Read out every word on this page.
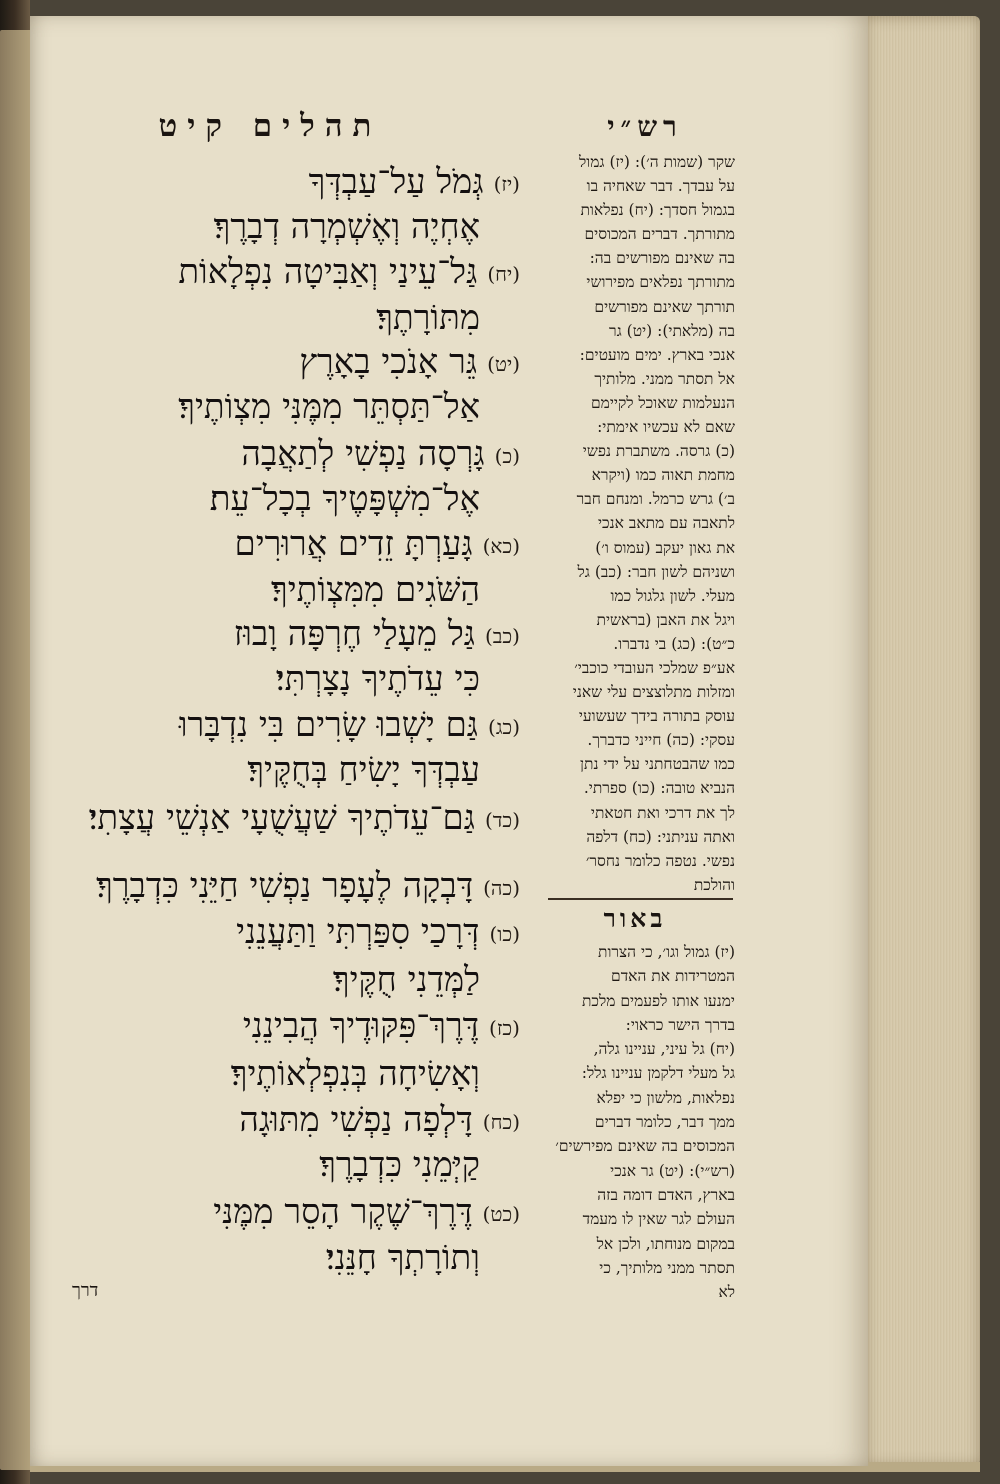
תהלים קיט	רש״י
(יז)גְּמֹל עַל־עַבְדְּךָ
אֶחְיֶה וְאֶשְׁמְרָה דְבָרֶךָ׃
(יח)גַּל־עֵינַי וְאַבִּיטָה נִפְלָאוֹת
מִתּוֹרָתֶךָ׃
(יט)גֵּר אָנֹכִי בָאָרֶץ
אַל־תַּסְתֵּר מִמֶּנִּי מִצְוֹתֶיךָ׃
(כ)גָּרְסָה נַפְשִׁי לְתַאֲבָה
אֶל־מִשְׁפָּטֶיךָ בְכָל־עֵת׃
(כא)גָּעַרְתָּ זֵדִים אֲרוּרִים
הַשֹּׁגִים מִמִּצְוֹתֶיךָ׃
(כב)גַּל מֵעָלַי חֶרְפָּה וָבוּז
כִּי עֵדֹתֶיךָ נָצָרְתִּי׃
(כג)גַּם יָשְׁבוּ שָׂרִים בִּי נִדְבָּרוּ
עַבְדְּךָ יָשִׂיחַ בְּחֻקֶּיךָ׃
(כד)גַּם־עֵדֹתֶיךָ שַׁעֲשֻׁעָי אַנְשֵׁי עֲצָתִי׃
(כה)דָּבְקָה לֶעָפָר נַפְשִׁי חַיֵּנִי כִּדְבָרֶךָ׃
(כו)דְּרָכַי סִפַּרְתִּי וַתַּעֲנֵנִי
לַמְּדֵנִי חֻקֶּיךָ׃
(כז)דֶּרֶךְ־פִּקּוּדֶיךָ הֲבִינֵנִי
וְאָשִׂיחָה בְּנִפְלְאוֹתֶיךָ׃
(כח)דָּלְפָה נַפְשִׁי מִתּוּגָה
קַיְּמֵנִי כִּדְבָרֶךָ׃
(כט)דֶּרֶךְ־שֶׁקֶר הָסֵר מִמֶּנִּי
וְתוֹרָתְךָ חָנֵּנִי׃
שקר (שמות ה׳): (יז) גמול
על עבדך. דבר שאחיה בו
בגמול חסדך: (יח) נפלאות
מתורתך. דברים המכוסים
בה שאינם מפורשים בה:
מתורתך נפלאים מפירושי
תורתך שאינם מפורשים
בה (מלאתי): (יט) גר
אנכי בארץ. ימים מועטים:
אל תסתר ממני. מלותיך
הנעלמות שאוכל לקיימם
שאם לא עכשיו אימתי:
(כ) גרסה. משתברת נפשי
מחמת תאוה כמו (ויקרא
ב׳) גרש כרמל. ומנחם חבר
לתאבה עם מתאב אנכי
את גאון יעקב (עמוס ו׳)
ושניהם לשון חבר: (כב) גל
מעלי. לשון גלגול כמו
ויגל את האבן (בראשית
כ״ט): (כג) בי נדברו.
אע״פ שמלכי העובדי כוכבי׳
ומזלות מתלוצצים עלי שאני
עוסק בתורה בידך שעשועי
עסקי: (כה) חייני כדברך.
כמו שהבטחתני על ידי נתן
הנביא טובה: (כו) ספרתי.
לך את דרכי ואת חטאתי
ואתה עניתני: (כח) דלפה
נפשי. נטפה כלומר נחסר׳
והולכת
באור
(יז) גמול וגו׳, כי הצרות
המטרידות את האדם
ימנעו אותו לפעמים מלכת
בדרך הישר כראוי:
(יח) גל עיני, עניינו גלה,
גל מעלי דלקמן עניינו גלל:
נפלאות, מלשון כי יפלא
ממך דבר, כלומר דברים
המכוסים בה שאינם מפירשים׳
(רש״י): (יט) גר אנכי
בארץ, האדם דומה בזה
העולם לגר שאין לו מעמד
במקום מנוחתו, ולכן אל
תסתר ממני מלותיך, כי
לא
דרך
